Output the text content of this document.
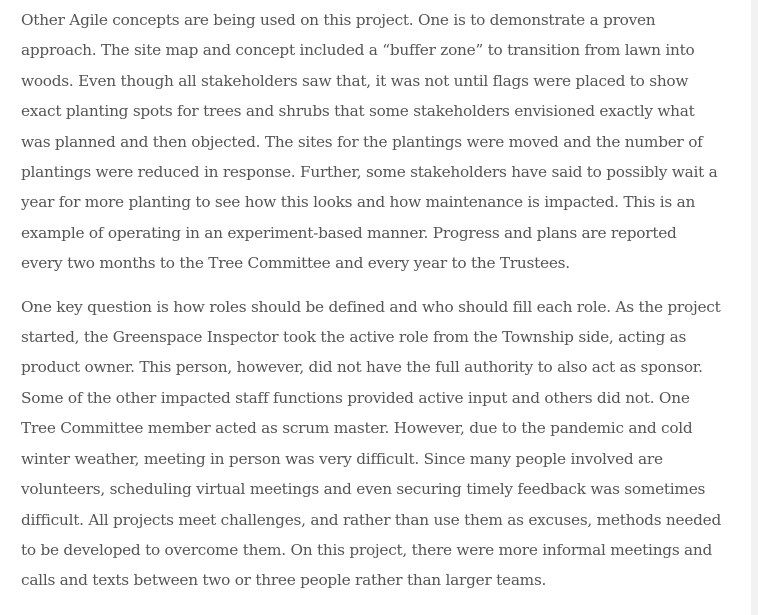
Other Agile concepts are being used on this project. One is to demonstrate a proven approach. The site map and concept included a “buffer zone” to transition from lawn into woods. Even though all stakeholders saw that, it was not until flags were placed to show exact planting spots for trees and shrubs that some stakeholders envisioned exactly what was planned and then objected. The sites for the plantings were moved and the number of plantings were reduced in response. Further, some stakeholders have said to possibly wait a year for more planting to see how this looks and how maintenance is impacted. This is an example of operating in an experiment-based manner. Progress and plans are reported every two months to the Tree Committee and every year to the Trustees.

One key question is how roles should be defined and who should fill each role. As the project started, the Greenspace Inspector took the active role from the Township side, acting as product owner. This person, however, did not have the full authority to also act as sponsor. Some of the other impacted staff functions provided active input and others did not. One Tree Committee member acted as scrum master. However, due to the pandemic and cold winter weather, meeting in person was very difficult. Since many people involved are volunteers, scheduling virtual meetings and even securing timely feedback was sometimes difficult. All projects meet challenges, and rather than use them as excuses, methods needed to be developed to overcome them. On this project, there were more informal meetings and calls and texts between two or three people rather than larger teams.
